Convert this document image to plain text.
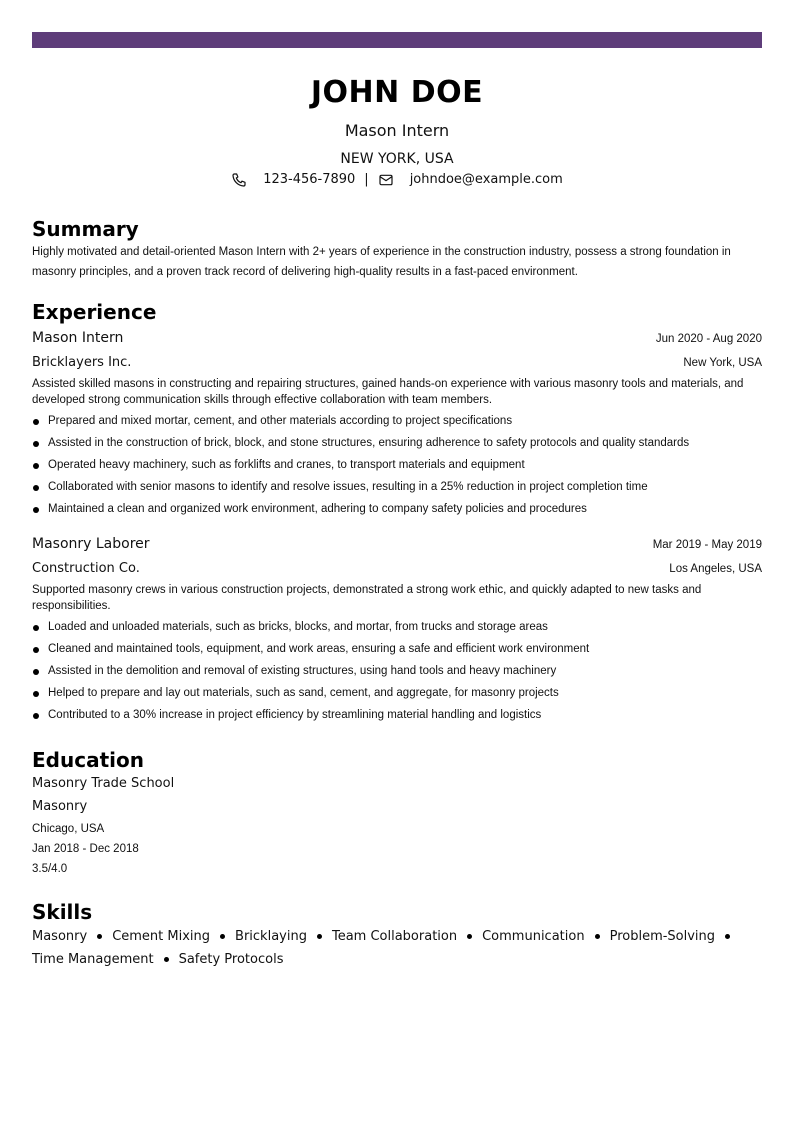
JOHN DOE
Mason Intern
NEW YORK, USA
123-456-7890 |	johndoe@example.com
Summary
Highly motivated and detail-oriented Mason Intern with 2+ years of experience in the construction industry, possess a strong foundation in masonry principles, and a proven track record of delivering high-quality results in a fast-paced environment.
Experience
Mason Intern	Jun 2020 - Aug 2020
Bricklayers Inc.	New York, USA
Assisted skilled masons in constructing and repairing structures, gained hands-on experience with various masonry tools and materials, and developed strong communication skills through effective collaboration with team members.
Prepared and mixed mortar, cement, and other materials according to project specifications
Assisted in the construction of brick, block, and stone structures, ensuring adherence to safety protocols and quality standards
Operated heavy machinery, such as forklifts and cranes, to transport materials and equipment
Collaborated with senior masons to identify and resolve issues, resulting in a 25% reduction in project completion time
Maintained a clean and organized work environment, adhering to company safety policies and procedures
Masonry Laborer	Mar 2019 - May 2019
Construction Co.	Los Angeles, USA
Supported masonry crews in various construction projects, demonstrated a strong work ethic, and quickly adapted to new tasks and responsibilities.
Loaded and unloaded materials, such as bricks, blocks, and mortar, from trucks and storage areas
Cleaned and maintained tools, equipment, and work areas, ensuring a safe and efficient work environment
Assisted in the demolition and removal of existing structures, using hand tools and heavy machinery
Helped to prepare and lay out materials, such as sand, cement, and aggregate, for masonry projects
Contributed to a 30% increase in project efficiency by streamlining material handling and logistics
Education
Masonry Trade School
Masonry
Chicago, USA
Jan 2018 - Dec 2018
3.5/4.0
Skills
Masonry Cement Mixing Bricklaying Team Collaboration Communication Problem-Solving
Time Management Safety Protocols
